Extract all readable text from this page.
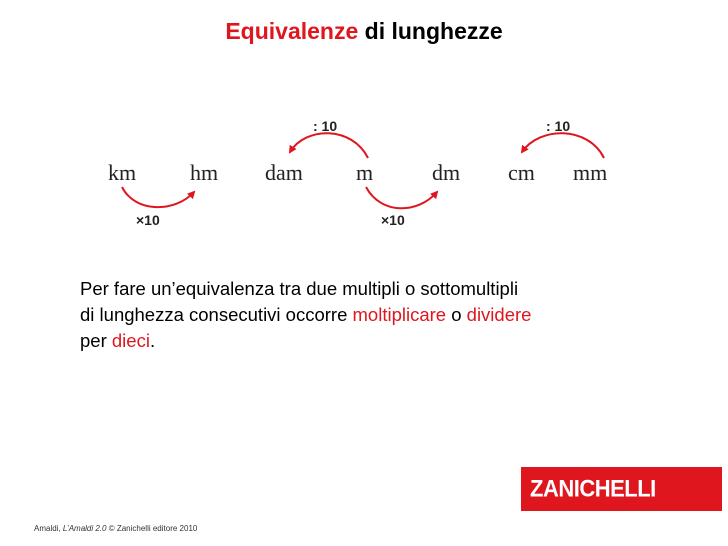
Equivalenze di lunghezze
km hm dam m	dm cm mm
×10	×10
: 10	: 10
Per fare un’equivalenza tra due multipli o sottomultipli
di lunghezza consecutivi occorre moltiplicare o dividere
per dieci.
ZANICHELLI
Amaldi, L’Amaldi 2.0 © Zanichelli editore 2010
